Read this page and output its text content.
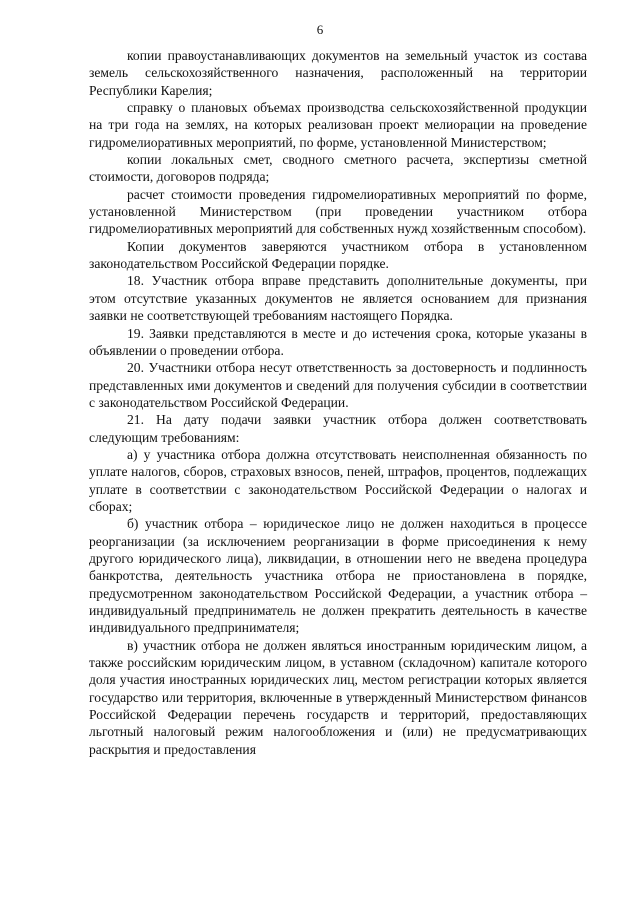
6

копии правоустанавливающих документов на земельный участок из состава земель сельскохозяйственного назначения, расположенный на территории Республики Карелия;

справку о плановых объемах производства сельскохозяйственной продукции на три года на землях, на которых реализован проект мелиорации на проведение гидромелиоративных мероприятий, по форме, установленной Министерством;

копии локальных смет, сводного сметного расчета, экспертизы сметной стоимости, договоров подряда;

расчет стоимости проведения гидромелиоративных мероприятий по форме, установленной Министерством (при проведении участником отбора гидромелиоративных мероприятий для собственных нужд хозяйственным способом).

Копии документов заверяются участником отбора в установленном законодательством Российской Федерации порядке.

18. Участник отбора вправе представить дополнительные документы, при этом отсутствие указанных документов не является основанием для признания заявки не соответствующей требованиям настоящего Порядка.

19. Заявки представляются в месте и до истечения срока, которые указаны в объявлении о проведении отбора.

20. Участники отбора несут ответственность за достоверность и подлинность представленных ими документов и сведений для получения субсидии в соответствии с законодательством Российской Федерации.

21. На дату подачи заявки участник отбора должен соответствовать следующим требованиям:

а) у участника отбора должна отсутствовать неисполненная обязанность по уплате налогов, сборов, страховых взносов, пеней, штрафов, процентов, подлежащих уплате в соответствии с законодательством Российской Федерации о налогах и сборах;

б) участник отбора – юридическое лицо не должен находиться в процессе реорганизации (за исключением реорганизации в форме присоединения к нему другого юридического лица), ликвидации, в отношении него не введена процедура банкротства, деятельность участника отбора не приостановлена в порядке, предусмотренном законодательством Российской Федерации, а участник отбора – индивидуальный предприниматель не должен прекратить деятельность в качестве индивидуального предпринимателя;

в) участник отбора не должен являться иностранным юридическим лицом, а также российским юридическим лицом, в уставном (складочном) капитале которого доля участия иностранных юридических лиц, местом регистрации которых является государство или территория, включенные в утвержденный Министерством финансов Российской Федерации перечень государств и территорий, предоставляющих льготный налоговый режим налогообложения и (или) не предусматривающих раскрытия и предоставления
